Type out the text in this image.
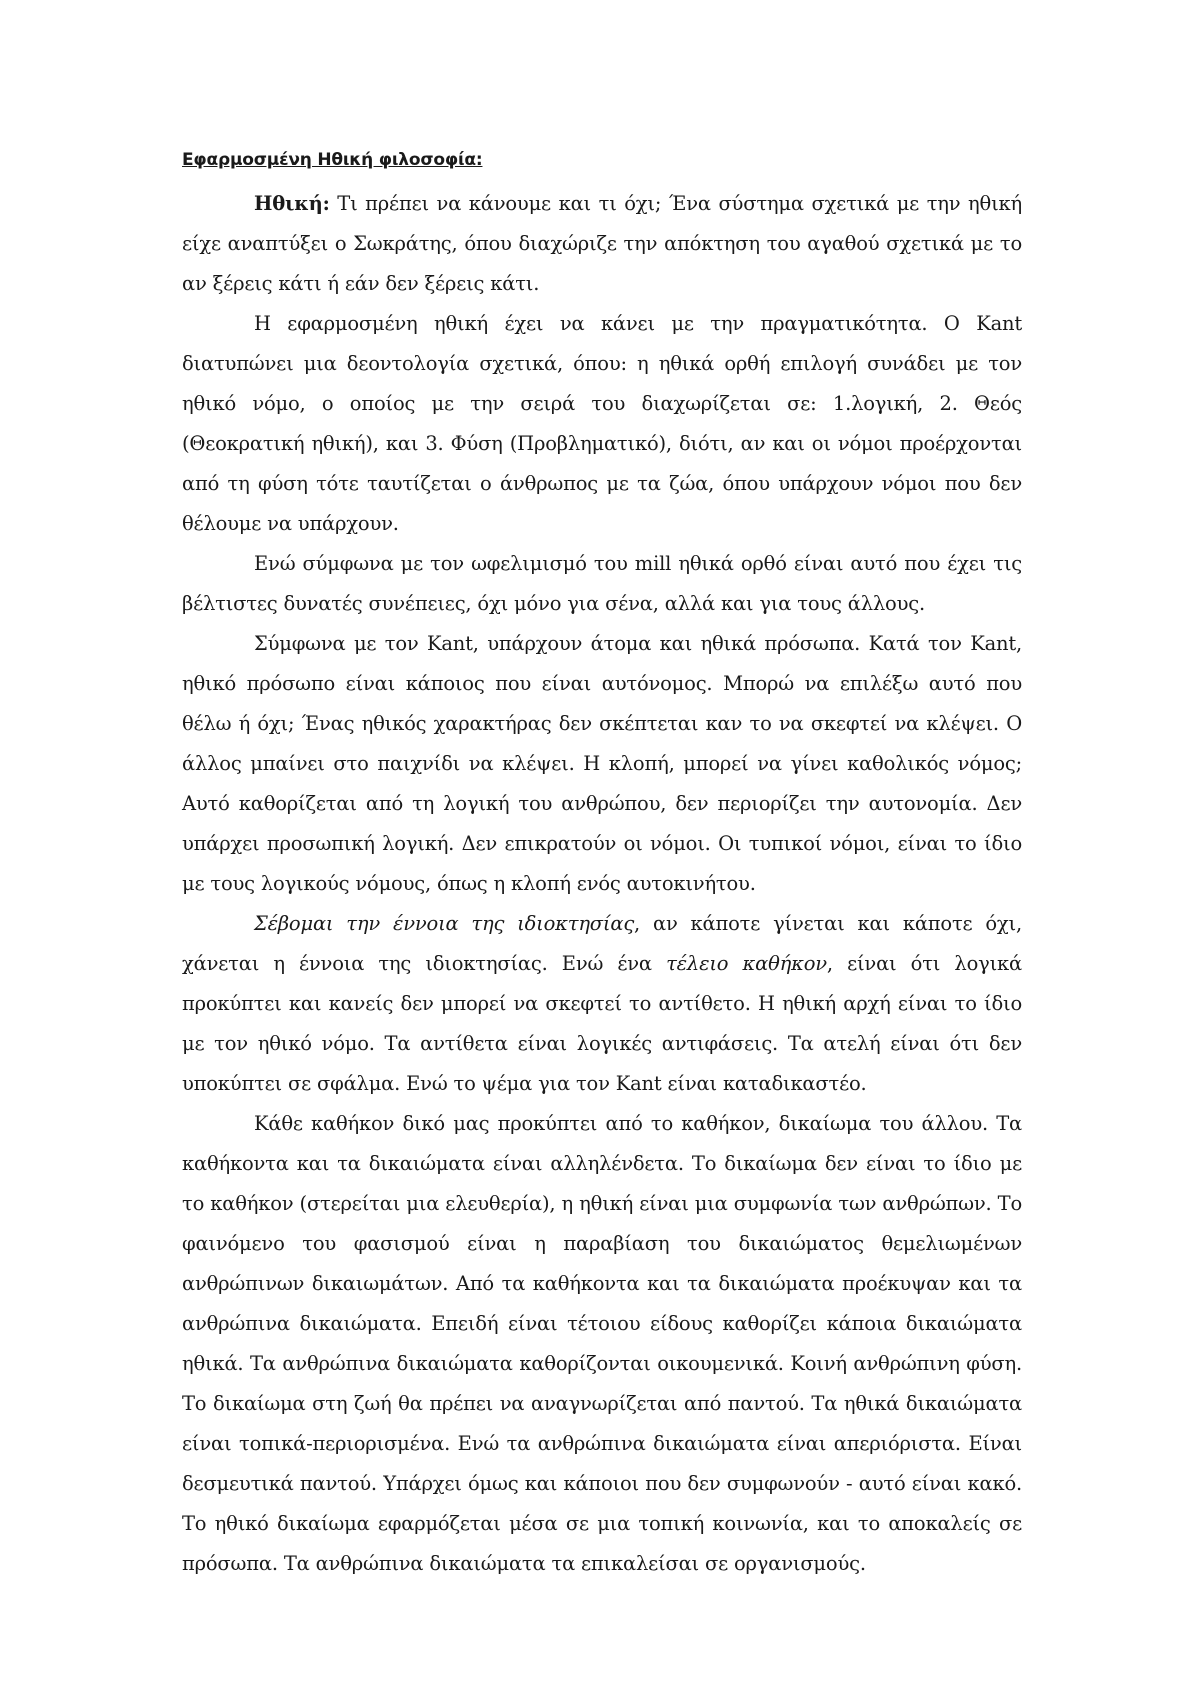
Εφαρμοσμένη Ηθική φιλοσοφία:

Ηθική: Τι πρέπει να κάνουμε και τι όχι; Ένα σύστημα σχετικά με την ηθική είχε αναπτύξει ο Σωκράτης, όπου διαχώριζε την απόκτηση του αγαθού σχετικά με το αν ξέρεις κάτι ή εάν δεν ξέρεις κάτι.

Η εφαρμοσμένη ηθική έχει να κάνει με την πραγματικότητα. Ο Kant διατυπώνει μια δεοντολογία σχετικά, όπου: η ηθικά ορθή επιλογή συνάδει με τον ηθικό νόμο, ο οποίος με την σειρά του διαχωρίζεται σε: 1.λογική, 2. Θεός (Θεοκρατική ηθική), και 3. Φύση (Προβληματικό), διότι, αν και οι νόμοι προέρχονται από τη φύση τότε ταυτίζεται ο άνθρωπος με τα ζώα, όπου υπάρχουν νόμοι που δεν θέλουμε να υπάρχουν.

Ενώ σύμφωνα με τον ωφελιμισμό του mill ηθικά ορθό είναι αυτό που έχει τις βέλτιστες δυνατές συνέπειες, όχι μόνο για σένα, αλλά και για τους άλλους.

Σύμφωνα με τον Kant, υπάρχουν άτομα και ηθικά πρόσωπα. Κατά τον Kant, ηθικό πρόσωπο είναι κάποιος που είναι αυτόνομος. Μπορώ να επιλέξω αυτό που θέλω ή όχι; Ένας ηθικός χαρακτήρας δεν σκέπτεται καν το να σκεφτεί να κλέψει. Ο άλλος μπαίνει στο παιχνίδι να κλέψει. Η κλοπή, μπορεί να γίνει καθολικός νόμος; Αυτό καθορίζεται από τη λογική του ανθρώπου, δεν περιορίζει την αυτονομία. Δεν υπάρχει προσωπική λογική. Δεν επικρατούν οι νόμοι. Οι τυπικοί νόμοι, είναι το ίδιο με τους λογικούς νόμους, όπως η κλοπή ενός αυτοκινήτου.

Σέβομαι την έννοια της ιδιοκτησίας, αν κάποτε γίνεται και κάποτε όχι, χάνεται η έννοια της ιδιοκτησίας. Ενώ ένα τέλειο καθήκον, είναι ότι λογικά προκύπτει και κανείς δεν μπορεί να σκεφτεί το αντίθετο. Η ηθική αρχή είναι το ίδιο με τον ηθικό νόμο. Τα αντίθετα είναι λογικές αντιφάσεις. Τα ατελή είναι ότι δεν υποκύπτει σε σφάλμα. Ενώ το ψέμα για τον Kant είναι καταδικαστέο.

Κάθε καθήκον δικό μας προκύπτει από το καθήκον, δικαίωμα του άλλου. Τα καθήκοντα και τα δικαιώματα είναι αλληλένδετα. Το δικαίωμα δεν είναι το ίδιο με το καθήκον (στερείται μια ελευθερία), η ηθική είναι μια συμφωνία των ανθρώπων. Το φαινόμενο του φασισμού είναι η παραβίαση του δικαιώματος θεμελιωμένων ανθρώπινων δικαιωμάτων. Από τα καθήκοντα και τα δικαιώματα προέκυψαν και τα ανθρώπινα δικαιώματα. Επειδή είναι τέτοιου είδους καθορίζει κάποια δικαιώματα ηθικά. Τα ανθρώπινα δικαιώματα καθορίζονται οικουμενικά. Κοινή ανθρώπινη φύση. Το δικαίωμα στη ζωή θα πρέπει να αναγνωρίζεται από παντού. Τα ηθικά δικαιώματα είναι τοπικά-περιορισμένα. Ενώ τα ανθρώπινα δικαιώματα είναι απεριόριστα. Είναι δεσμευτικά παντού. Υπάρχει όμως και κάποιοι που δεν συμφωνούν - αυτό είναι κακό. Το ηθικό δικαίωμα εφαρμόζεται μέσα σε μια τοπική κοινωνία, και το αποκαλείς σε πρόσωπα. Τα ανθρώπινα δικαιώματα τα επικαλείσαι σε οργανισμούς.
